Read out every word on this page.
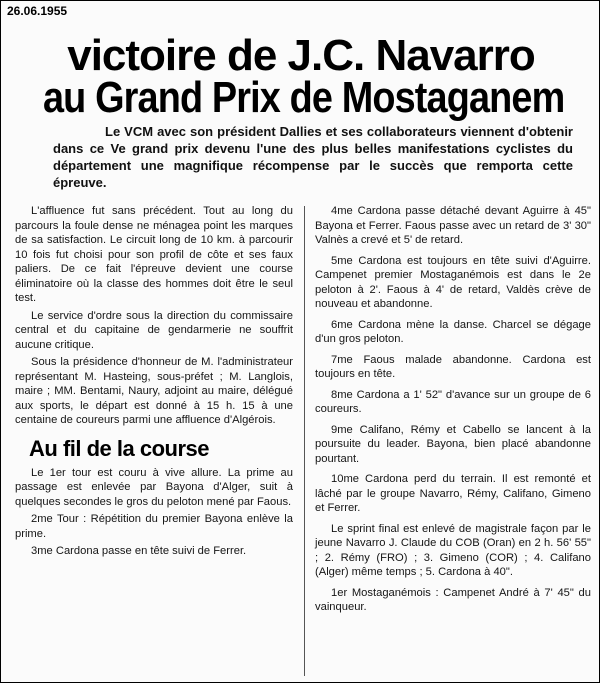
26.06.1955
victoire de J.C. Navarro
au Grand Prix de Mostaganem
Le VCM avec son président Dallies et ses collaborateurs viennent d'obtenir dans ce Ve grand prix devenu l'une des plus belles manifestations cyclistes du département une magnifique récompense par le succès que remporta cette épreuve.

L'affluence fut sans précédent. Tout au long du parcours la foule dense ne ménagea point les marques de sa satisfaction. Le circuit long de 10 km. à parcourir 10 fois fut choisi pour son profil de côte et ses faux paliers. De ce fait l'épreuve devient une course éliminatoire où la classe des hommes doit être le seul test.

Le service d'ordre sous la direction du commissaire central et du capitaine de gendarmerie ne souffrit aucune critique.

Sous la présidence d'honneur de M. l'administrateur représentant M. Hasteing, sous-préfet ; M. Langlois, maire ; MM. Bentami, Naury, adjoint au maire, délégué aux sports, le départ est donné à 15 h. 15 à une centaine de coureurs parmi une affluence d'Algérois.

Au fil de la course

Le 1er tour est couru à vive allure. La prime au passage est enlevée par Bayona d'Alger, suit à quelques secondes le gros du peloton mené par Faous.

2me Tour : Répétition du premier Bayona enlève la prime.

3me Cardona passe en tête suivi de Ferrer.

4me Cardona passe détaché devant Aguirre à 45" Bayona et Ferrer. Faous passe avec un retard de 3' 30" Valnès a crevé et 5' de retard.

5me Cardona est toujours en tête suivi d'Aguirre. Campenet premier Mostaganémois est dans le 2e peloton à 2'. Faous à 4' de retard, Valdès crève de nouveau et abandonne.

6me Cardona mène la danse. Charcel se dégage d'un gros peloton.

7me Faous malade abandonne. Cardona est toujours en tête.

8me Cardona a 1' 52" d'avance sur un groupe de 6 coureurs.

9me Califano, Rémy et Cabello se lancent à la poursuite du leader. Bayona, bien placé abandonne pourtant.

10me Cardona perd du terrain. Il est remonté et lâché par le groupe Navarro, Rémy, Califano, Gimeno et Ferrer.

Le sprint final est enlevé de magistrale façon par le jeune Navarro J. Claude du COB (Oran) en 2 h. 56' 55" ; 2. Rémy (FRO) ; 3. Gimeno (COR) ; 4. Califano (Alger) même temps ; 5. Cardona à 40".

1er Mostaganémois : Campenet André à 7' 45" du vainqueur.
